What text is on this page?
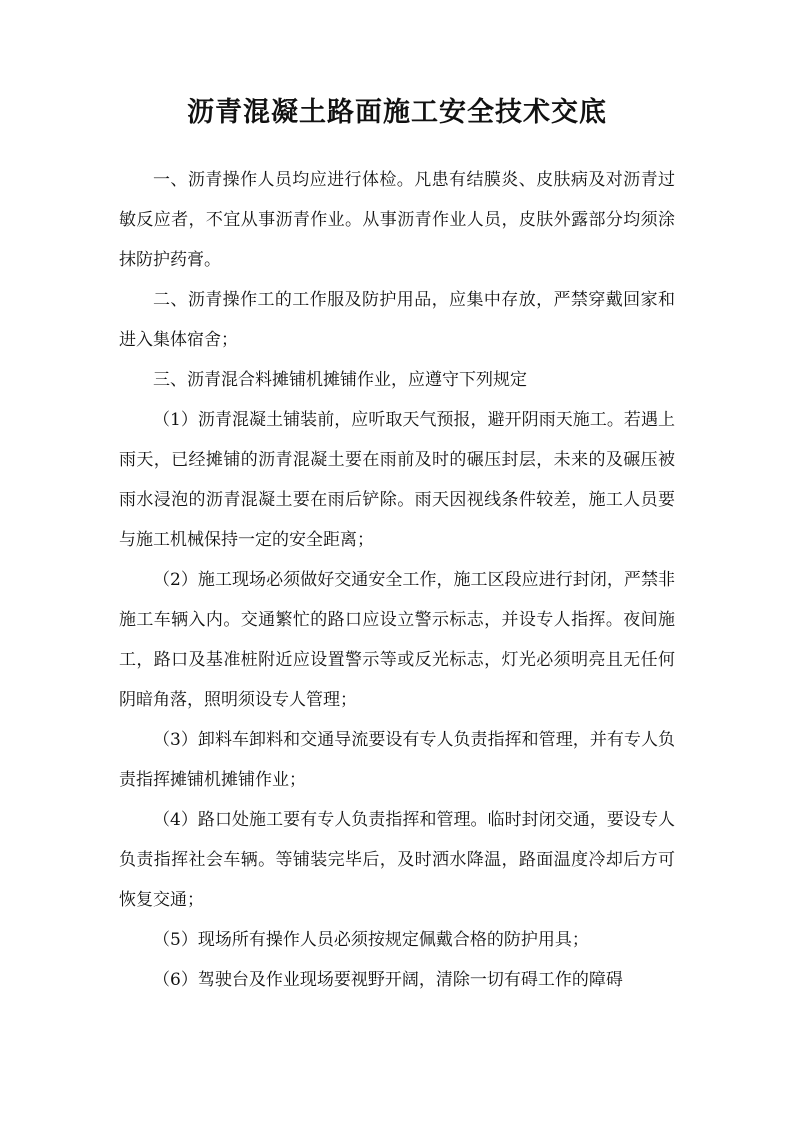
沥青混凝土路面施工安全技术交底

一、沥青操作人员均应进行体检。凡患有结膜炎、皮肤病及对沥青过敏反应者，不宜从事沥青作业。从事沥青作业人员，皮肤外露部分均须涂抹防护药膏。

二、沥青操作工的工作服及防护用品，应集中存放，严禁穿戴回家和进入集体宿舍；

三、沥青混合料摊铺机摊铺作业，应遵守下列规定

（1）沥青混凝土铺装前，应听取天气预报，避开阴雨天施工。若遇上雨天，已经摊铺的沥青混凝土要在雨前及时的碾压封层，未来的及碾压被雨水浸泡的沥青混凝土要在雨后铲除。雨天因视线条件较差，施工人员要与施工机械保持一定的安全距离；

（2）施工现场必须做好交通安全工作，施工区段应进行封闭，严禁非施工车辆入内。交通繁忙的路口应设立警示标志，并设专人指挥。夜间施工，路口及基准桩附近应设置警示等或反光标志，灯光必须明亮且无任何阴暗角落，照明须设专人管理；

（3）卸料车卸料和交通导流要设有专人负责指挥和管理，并有专人负责指挥摊铺机摊铺作业；

（4）路口处施工要有专人负责指挥和管理。临时封闭交通，要设专人负责指挥社会车辆。等铺装完毕后，及时洒水降温，路面温度冷却后方可恢复交通；

（5）现场所有操作人员必须按规定佩戴合格的防护用具；

（6）驾驶台及作业现场要视野开阔，清除一切有碍工作的障碍
